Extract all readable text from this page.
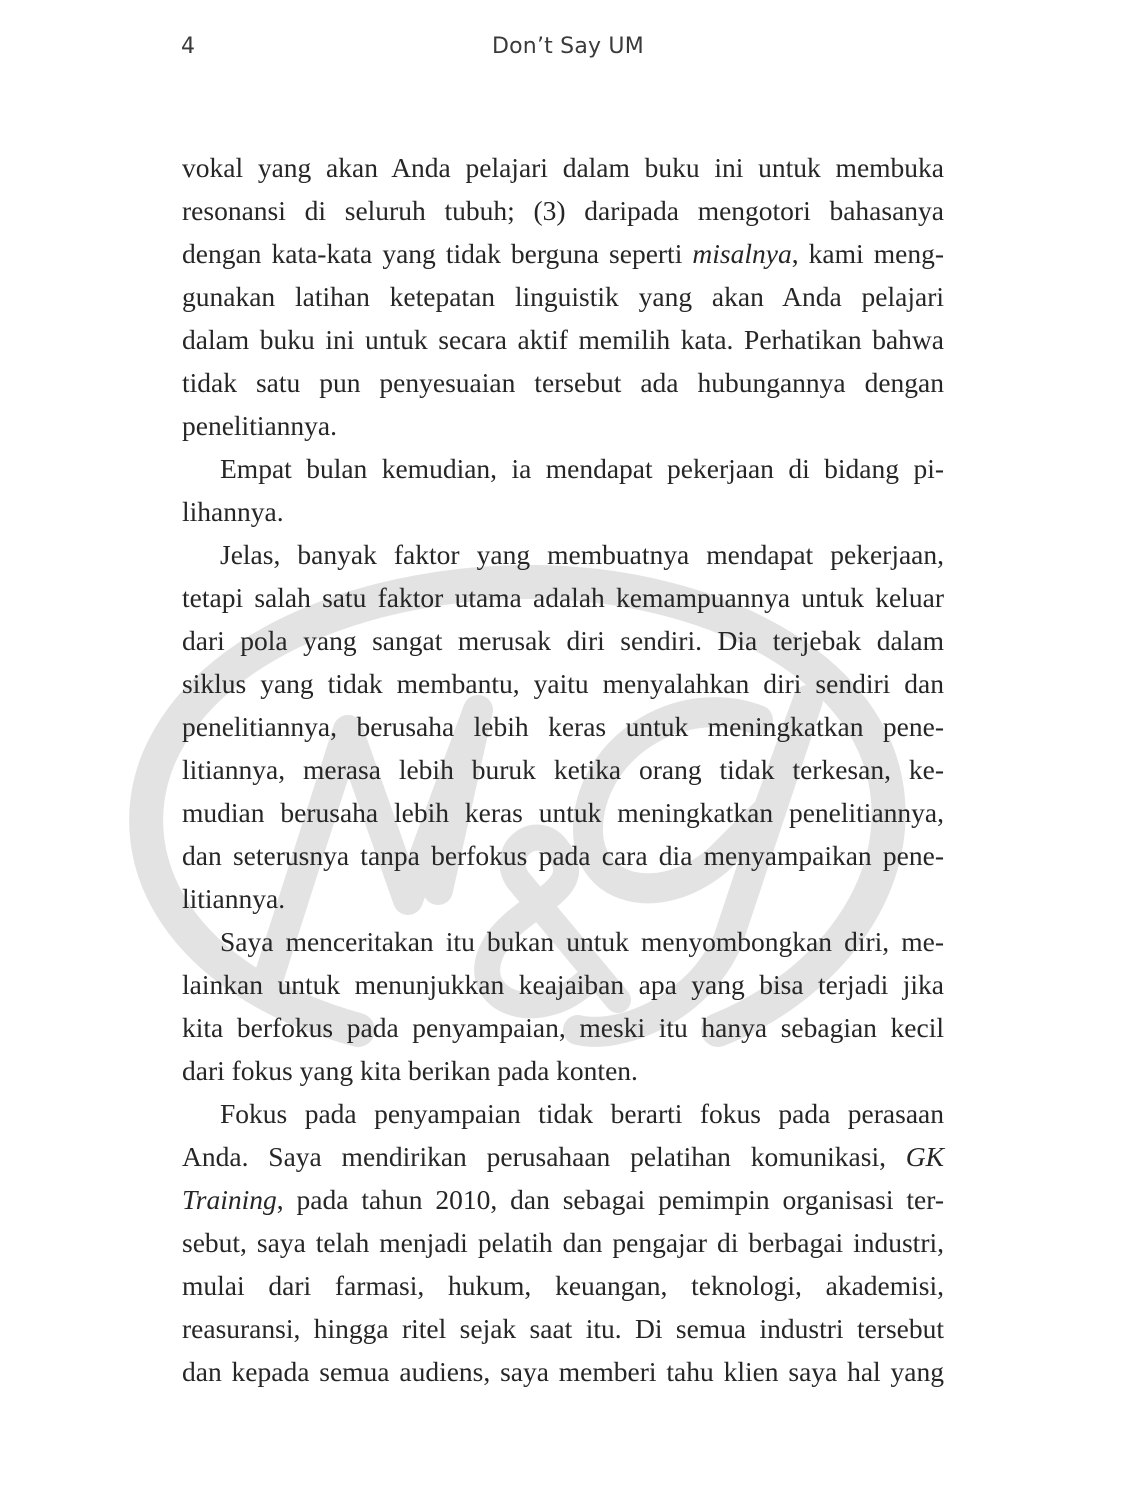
4	Don’t Say UM
vokal yang akan Anda pelajari dalam buku ini untuk membuka
resonansi di seluruh tubuh; (3) daripada mengotori bahasanya
dengan kata-kata yang tidak berguna seperti misalnya, kami meng-
gunakan latihan ketepatan linguistik yang akan Anda pelajari
dalam buku ini untuk secara aktif memilih kata. Perhatikan bahwa
tidak satu pun penyesuaian tersebut ada hubungannya dengan
penelitiannya.
Empat bulan kemudian, ia mendapat pekerjaan di bidang pi-
lihannya.
Jelas, banyak faktor yang membuatnya mendapat pekerjaan,
tetapi salah satu faktor utama adalah kemampuannya untuk keluar
dari pola yang sangat merusak diri sendiri. Dia terjebak dalam
siklus yang tidak membantu, yaitu menyalahkan diri sendiri dan
penelitiannya, berusaha lebih keras untuk meningkatkan pene-
litiannya, merasa lebih buruk ketika orang tidak terkesan, ke-
mudian berusaha lebih keras untuk meningkatkan penelitiannya,
dan seterusnya tanpa berfokus pada cara dia menyampaikan pene-
litiannya.
Saya menceritakan itu bukan untuk menyombongkan diri, me-
lainkan untuk menunjukkan keajaiban apa yang bisa terjadi jika
kita berfokus pada penyampaian, meski itu hanya sebagian kecil
dari fokus yang kita berikan pada konten.
Fokus pada penyampaian tidak berarti fokus pada perasaan
Anda. Saya mendirikan perusahaan pelatihan komunikasi, GK
Training, pada tahun 2010, dan sebagai pemimpin organisasi ter-
sebut, saya telah menjadi pelatih dan pengajar di berbagai industri,
mulai dari farmasi, hukum, keuangan, teknologi, akademisi,
reasuransi, hingga ritel sejak saat itu. Di semua industri tersebut
dan kepada semua audiens, saya memberi tahu klien saya hal yang
